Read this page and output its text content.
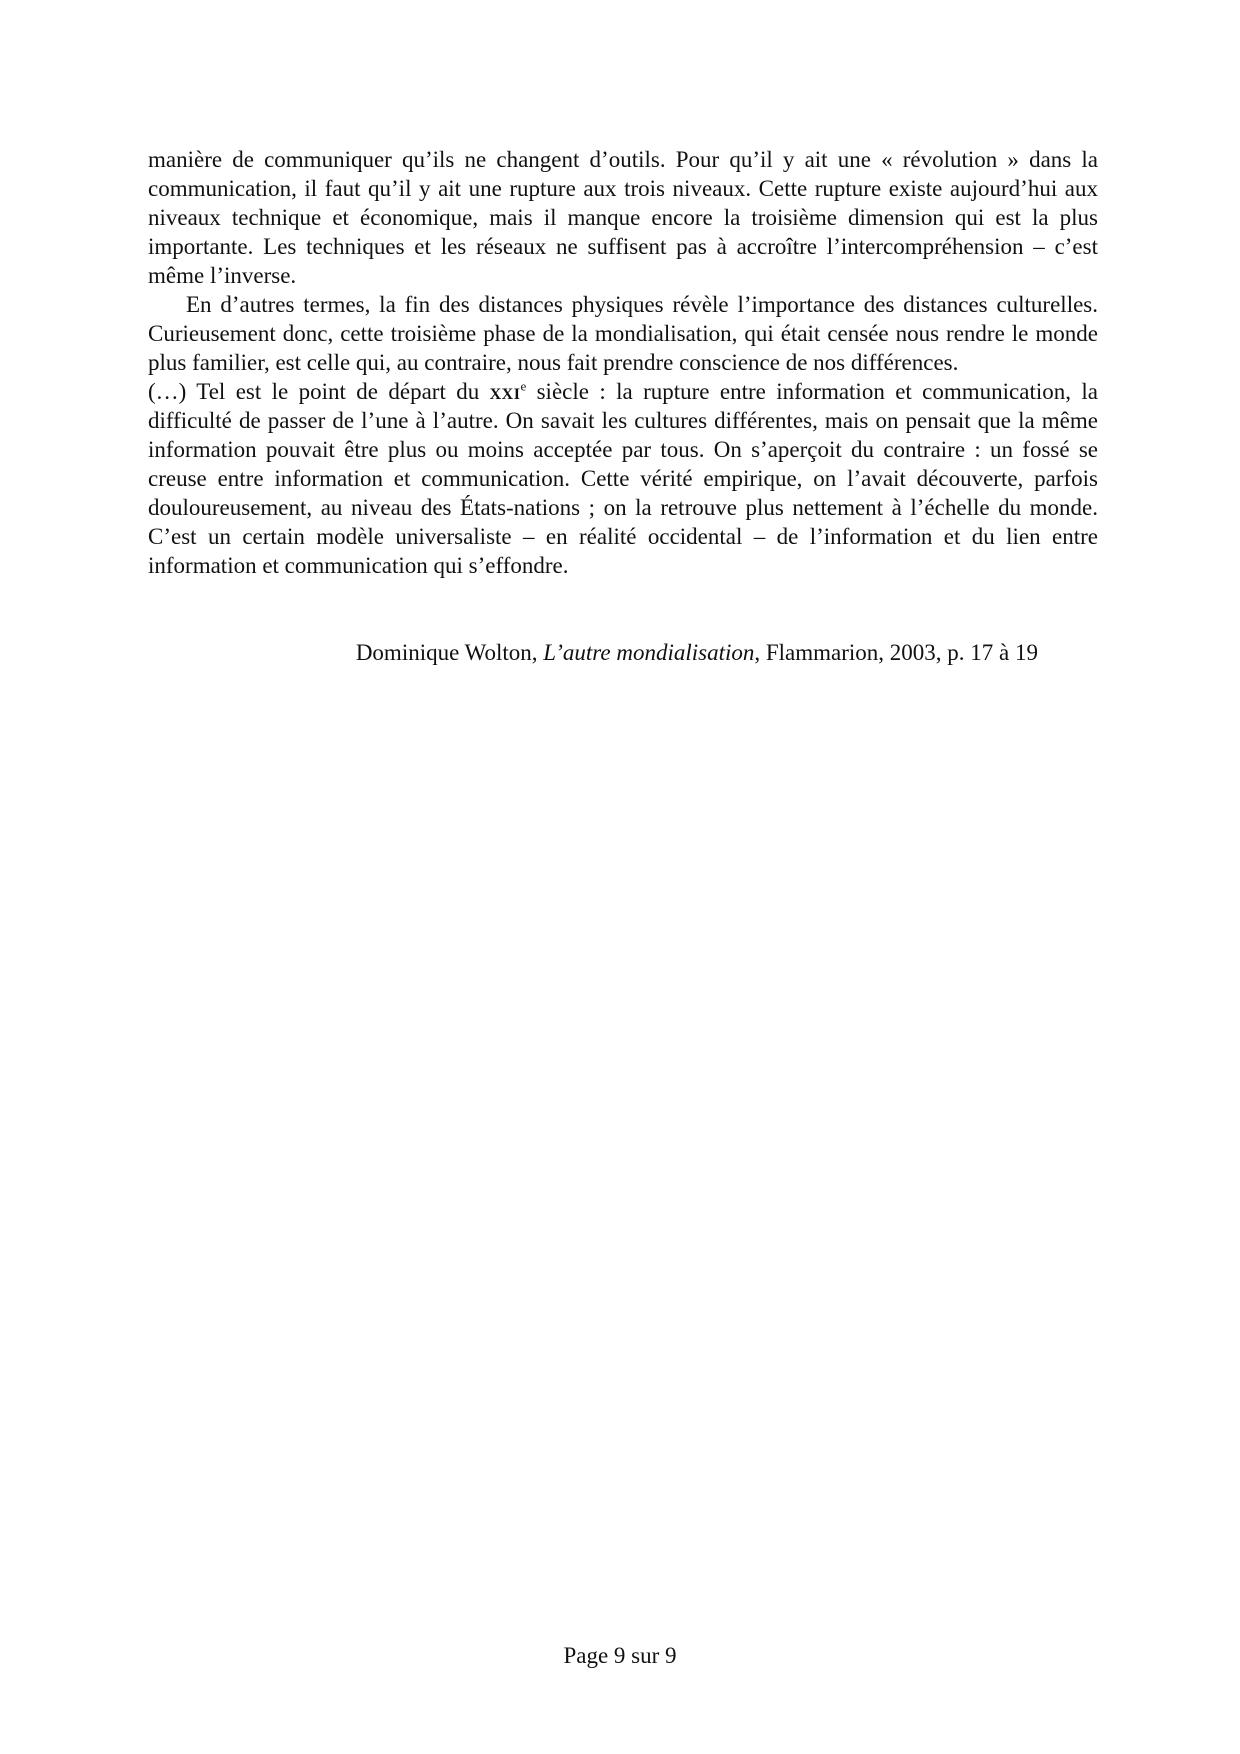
manière de communiquer qu’ils ne changent d’outils. Pour qu’il y ait une « révolution » dans la communication, il faut qu’il y ait une rupture aux trois niveaux. Cette rupture existe aujourd’hui aux niveaux technique et économique, mais il manque encore la troisième dimension qui est la plus importante. Les techniques et les réseaux ne suffisent pas à accroître l’intercompréhension – c’est même l’inverse.

En d’autres termes, la fin des distances physiques révèle l’importance des distances culturelles. Curieusement donc, cette troisième phase de la mondialisation, qui était censée nous rendre le monde plus familier, est celle qui, au contraire, nous fait prendre conscience de nos différences.

(…) Tel est le point de départ du xxi$^e$ siècle : la rupture entre information et communication, la difficulté de passer de l’une à l’autre. On savait les cultures différentes, mais on pensait que la même information pouvait être plus ou moins acceptée par tous. On s’aperçoit du contraire : un fossé se creuse entre information et communication. Cette vérité empirique, on l’avait découverte, parfois douloureusement, au niveau des États-nations ; on la retrouve plus nettement à l’échelle du monde. C’est un certain modèle universaliste – en réalité occidental – de l’information et du lien entre information et communication qui s’effondre.

Dominique Wolton, L’autre mondialisation, Flammarion, 2003, p. 17 à 19
Page 9 sur 9
